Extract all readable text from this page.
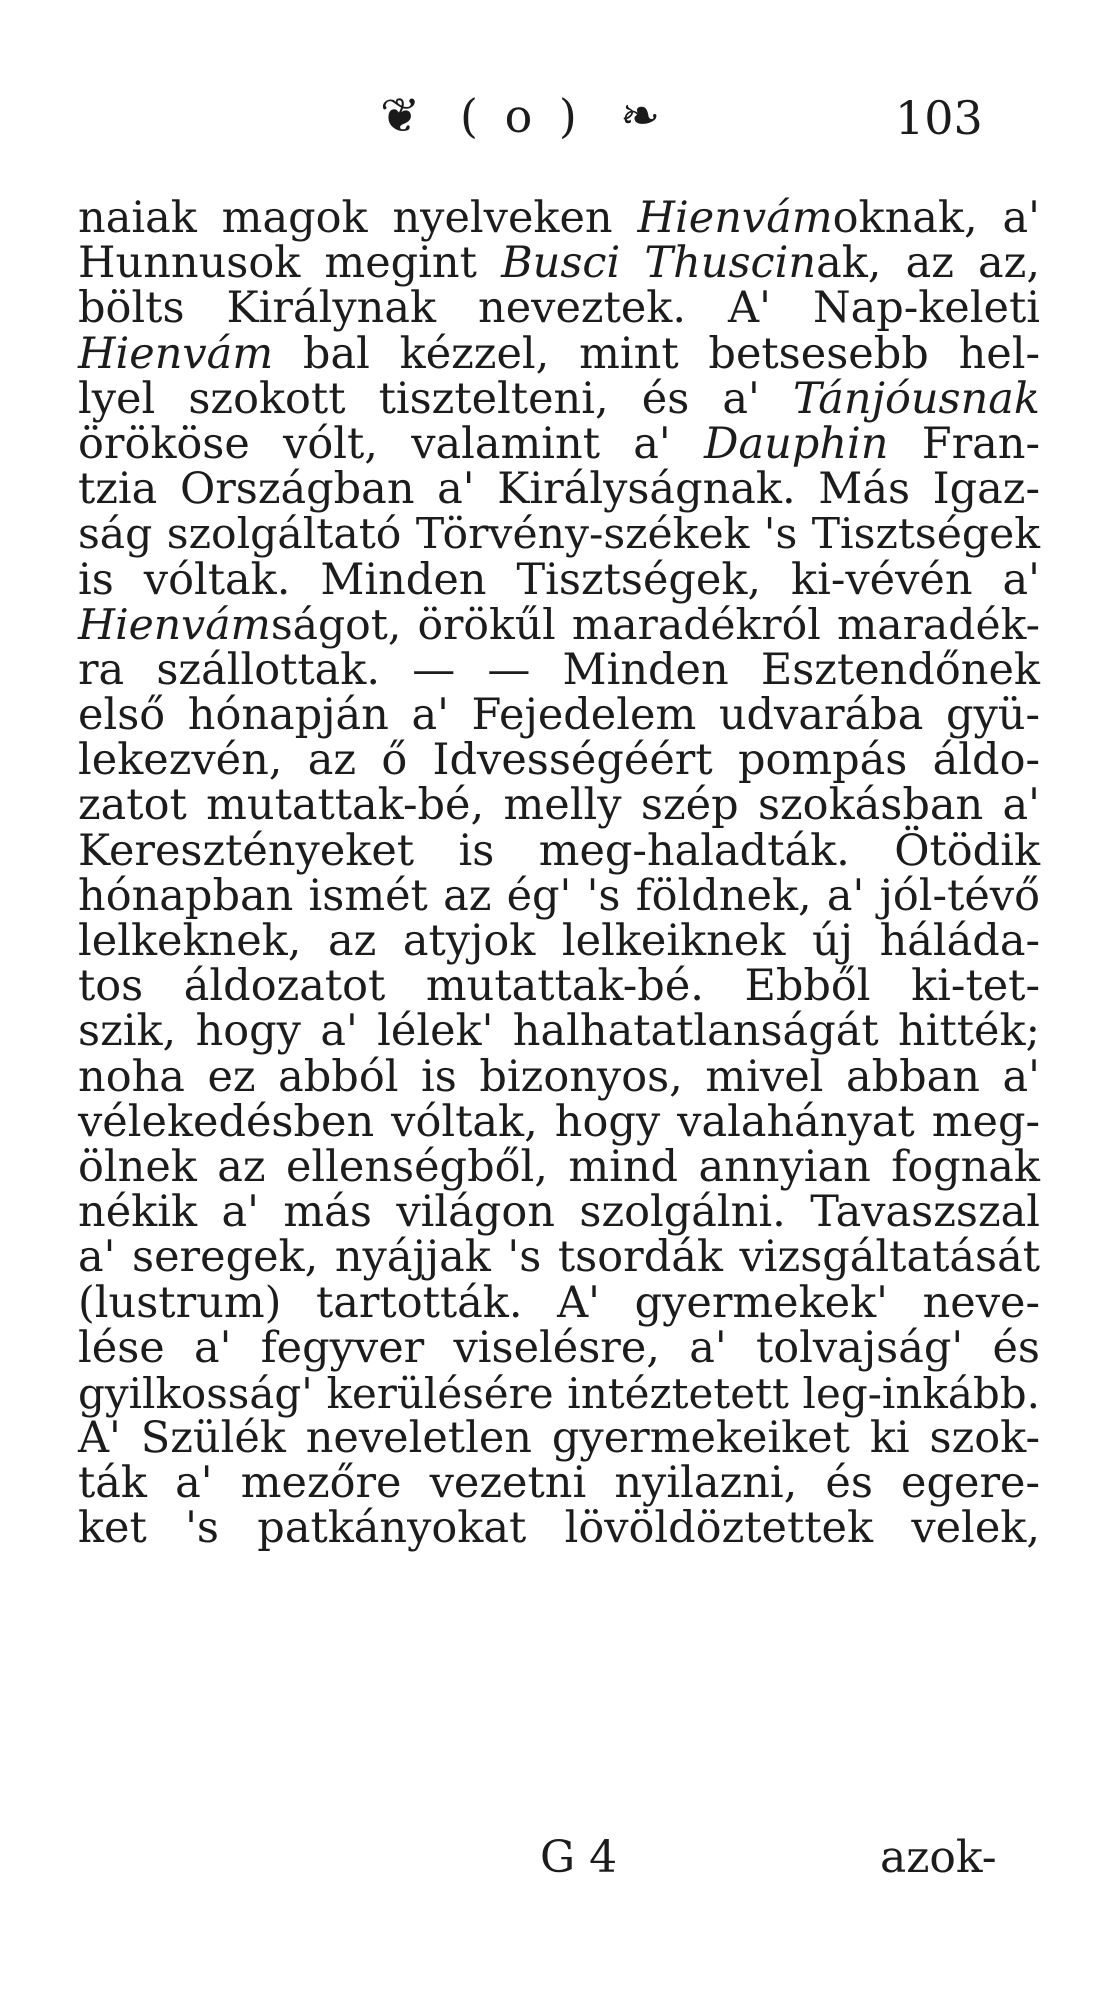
❦ ( o ) ❧	103
naiak magok nyelveken Hienvámoknak, a'
Hunnusok megint Busci Thuscinak, az az,
bölts Királynak neveztek. A' Nap-keleti
Hienvám bal kézzel, mint betsesebb hel-
lyel szokott tisztelteni, és a' Tánjóusnak
örököse vólt, valamint a' Dauphin Fran-
tzia Országban a' Királyságnak. Más Igaz-
ság szolgáltató Törvény-székek 's Tisztségek
is vóltak. Minden Tisztségek, ki-vévén a'
Hienvámságot, örökűl maradékról maradék-
ra szállottak. — — Minden Esztendőnek
első hónapján a' Fejedelem udvarába gyü-
lekezvén, az ő Idvességéért pompás áldo-
zatot mutattak-bé, melly szép szokásban a'
Keresztényeket is meg-haladták. Ötödik
hónapban ismét az ég' 's földnek, a' jól-tévő
lelkeknek, az atyjok lelkeiknek új háláda-
tos áldozatot mutattak-bé. Ebből ki-tet-
szik, hogy a' lélek' halhatatlanságát hitték;
noha ez abból is bizonyos, mivel abban a'
vélekedésben vóltak, hogy valahányat meg-
ölnek az ellenségből, mind annyian fognak
nékik a' más világon szolgálni. Tavaszszal
a' seregek, nyájjak 's tsordák vizsgáltatását
(lustrum) tartották. A' gyermekek' neve-
lése a' fegyver viselésre, a' tolvajság' és
gyilkosság' kerülésére intéztetett leg-inkább.
A' Szülék neveletlen gyermekeiket ki szok-
ták a' mezőre vezetni nyilazni, és egere-
ket 's patkányokat lövöldöztettek velek,
G 4	azok-
